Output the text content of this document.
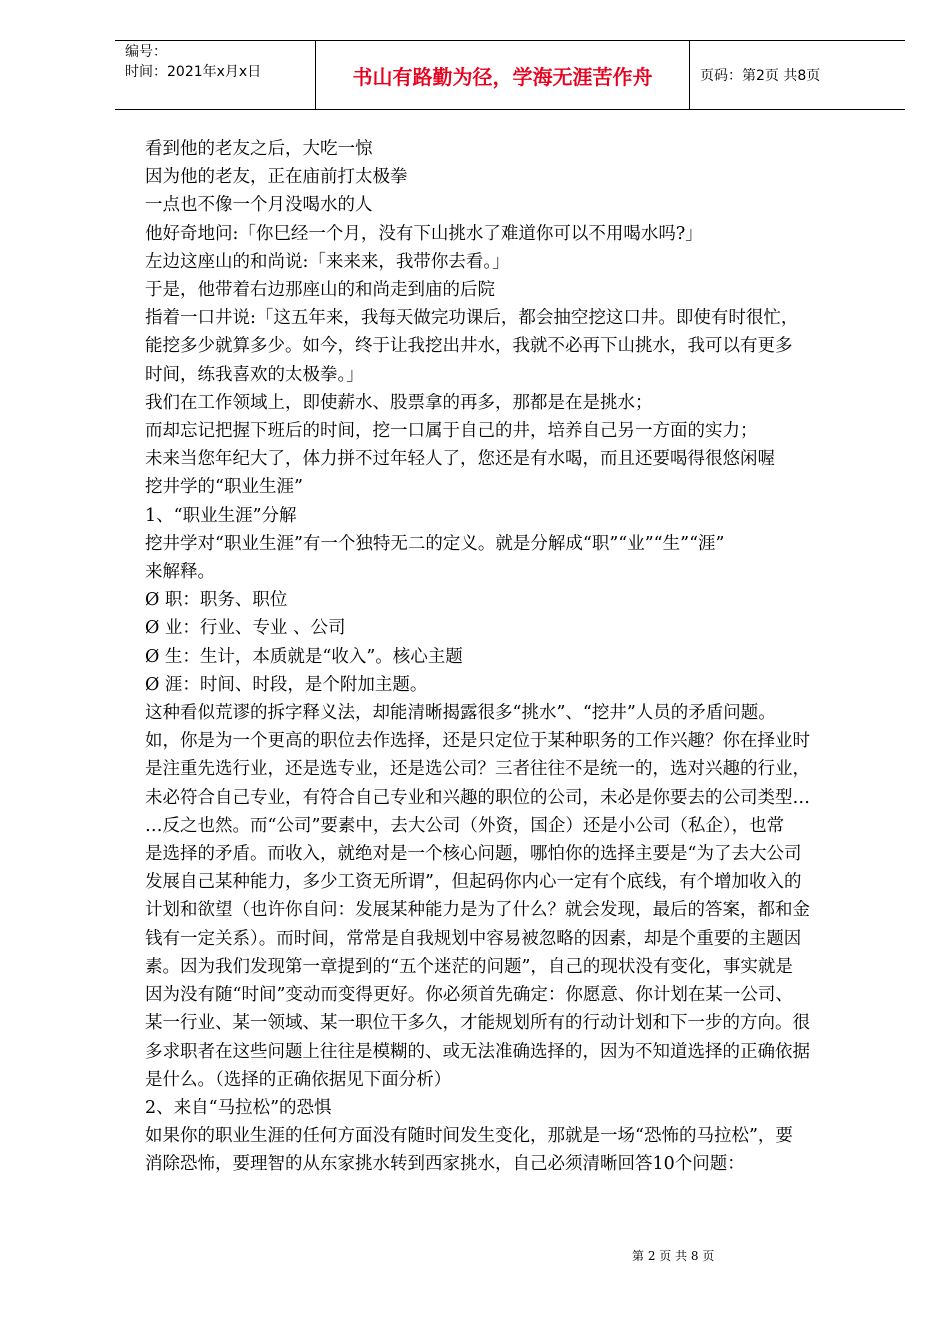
编号：
时间：2021年x月x日	书山有路勤为径，学海无涯苦作舟	页码：第2页 共8页
看到他的老友之后，大吃一惊
因为他的老友，正在庙前打太极拳
一点也不像一个月没喝水的人
他好奇地问:「你巳经一个月，没有下山挑水了难道你可以不用喝水吗?」
左边这座山的和尚说:「来来来，我带你去看。」
于是，他带着右边那座山的和尚走到庙的后院
指着一口井说:「这五年来，我每天做完功课后，都会抽空挖这口井。即使有时很忙，
能挖多少就算多少。如今，终于让我挖出井水，我就不必再下山挑水，我可以有更多
时间，练我喜欢的太极拳。」
我们在工作领域上，即使薪水、股票拿的再多，那都是在是挑水；
而却忘记把握下班后的时间，挖一口属于自己的井，培养自己另一方面的实力；
未来当您年纪大了，体力拼不过年轻人了，您还是有水喝，而且还要喝得很悠闲喔
挖井学的“职业生涯”
1、“职业生涯”分解
挖井学对“职业生涯”有一个独特无二的定义。就是分解成“职”“业”“生”“涯”
来解释。
Ø 职：职务、职位
Ø 业：行业、专业 、公司
Ø 生：生计，本质就是“收入”。核心主题
Ø 涯：时间、时段，是个附加主题。
这种看似荒谬的拆字释义法，却能清晰揭露很多“挑水”、“挖井”人员的矛盾问题。
如，你是为一个更高的职位去作选择，还是只定位于某种职务的工作兴趣？你在择业时
是注重先选行业，还是选专业，还是选公司？三者往往不是统一的，选对兴趣的行业，
未必符合自己专业，有符合自己专业和兴趣的职位的公司，未必是你要去的公司类型…
…反之也然。而“公司”要素中，去大公司（外资，国企）还是小公司（私企），也常
是选择的矛盾。而收入，就绝对是一个核心问题，哪怕你的选择主要是“为了去大公司
发展自己某种能力，多少工资无所谓”，但起码你内心一定有个底线，有个增加收入的
计划和欲望（也许你自问：发展某种能力是为了什么？就会发现，最后的答案，都和金
钱有一定关系）。而时间，常常是自我规划中容易被忽略的因素，却是个重要的主题因
素。因为我们发现第一章提到的“五个迷茫的问题”，自己的现状没有变化，事实就是
因为没有随“时间”变动而变得更好。你必须首先确定：你愿意、你计划在某一公司、
某一行业、某一领域、某一职位干多久，才能规划所有的行动计划和下一步的方向。很
多求职者在这些问题上往往是模糊的、或无法准确选择的，因为不知道选择的正确依据
是什么。（选择的正确依据见下面分析）
2、来自“马拉松”的恐惧
如果你的职业生涯的任何方面没有随时间发生变化，那就是一场“恐怖的马拉松”，要
消除恐怖，要理智的从东家挑水转到西家挑水，自己必须清晰回答10个问题：
第 2 页 共 8 页
